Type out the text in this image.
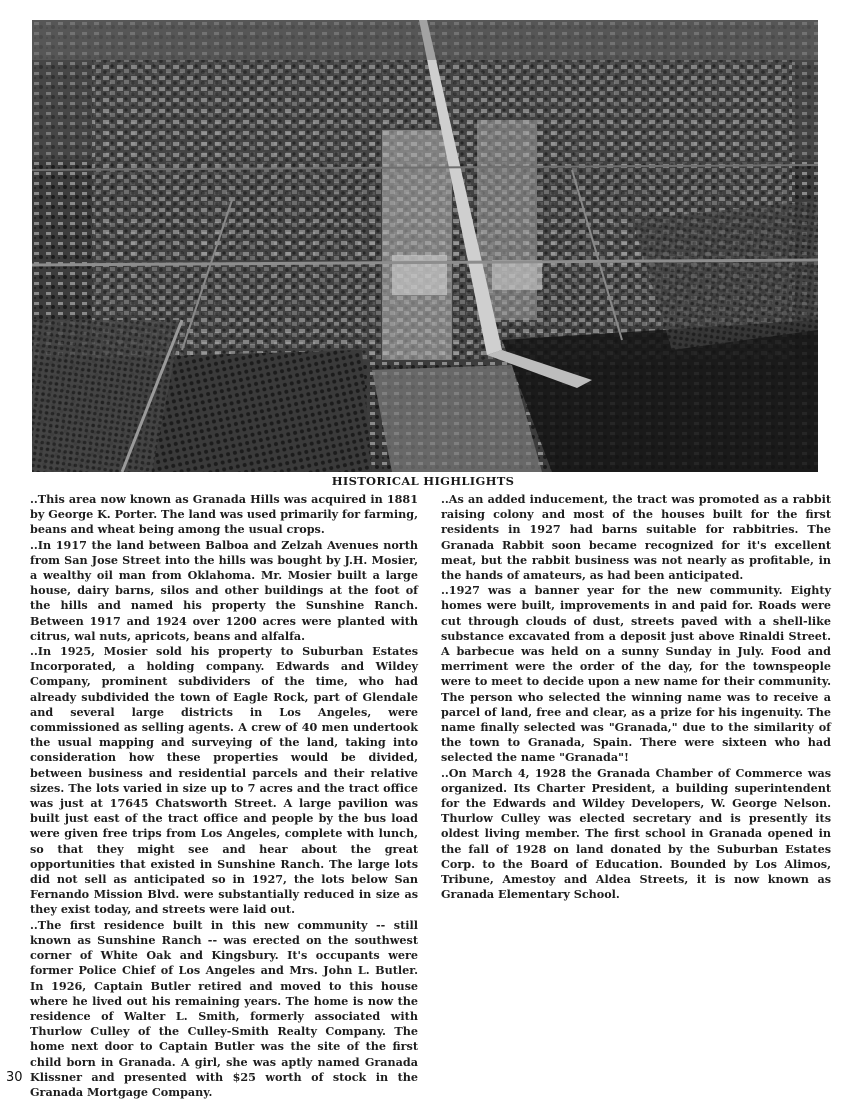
HISTORICAL HIGHLIGHTS

..This area now known as Granada Hills was acquired in 1881 by George K. Porter. The land was used primarily for farming, beans and wheat being among the usual crops.

..In 1917 the land between Balboa and Zelzah Avenues north from San Jose Street into the hills was bought by J.H. Mosier, a wealthy oil man from Oklahoma. Mr. Mosier built a large house, dairy barns, silos and other buildings at the foot of the hills and named his property the Sunshine Ranch. Between 1917 and 1924 over 1200 acres were planted with citrus, wal nuts, apricots, beans and alfalfa.

..In 1925, Mosier sold his property to Suburban Estates Incorporated, a holding company. Edwards and Wildey Company, prominent subdividers of the time, who had already subdivided the town of Eagle Rock, part of Glendale and several large districts in Los Angeles, were commissioned as selling agents. A crew of 40 men undertook the usual mapping and surveying of the land, taking into consideration how these properties would be divided, between business and residential parcels and their relative sizes. The lots varied in size up to 7 acres and the tract office was just at 17645 Chatsworth Street. A large pavilion was built just east of the tract office and people by the bus load were given free trips from Los Angeles, complete with lunch, so that they might see and hear about the great opportunities that existed in Sunshine Ranch. The large lots did not sell as anticipated so in 1927, the lots below San Fernando Mission Blvd. were substantially reduced in size as they exist today, and streets were laid out.

..The first residence built in this new community -- still known as Sunshine Ranch -- was erected on the southwest corner of White Oak and Kingsbury. It's occupants were former Police Chief of Los Angeles and Mrs. John L. Butler. In 1926, Captain Butler retired and moved to this house where he lived out his remaining years. The home is now the residence of Walter L. Smith, formerly associated with Thurlow Culley of the Culley-Smith Realty Company. The home next door to Captain Butler was the site of the first child born in Granada. A girl, she was aptly named Granada Klissner and presented with $25 worth of stock in the Granada Mortgage Company.

..As an added inducement, the tract was promoted as a rabbit raising colony and most of the houses built for the first residents in 1927 had barns suitable for rabbitries. The Granada Rabbit soon became recognized for it's excellent meat, but the rabbit business was not nearly as profitable, in the hands of amateurs, as had been anticipated.

..1927 was a banner year for the new community. Eighty homes were built, improvements in and paid for. Roads were cut through clouds of dust, streets paved with a shell-like substance excavated from a deposit just above Rinaldi Street. A barbecue was held on a sunny Sunday in July. Food and merriment were the order of the day, for the townspeople were to meet to decide upon a new name for their community. The person who selected the winning name was to receive a parcel of land, free and clear, as a prize for his ingenuity. The name finally selected was "Granada," due to the similarity of the town to Granada, Spain. There were sixteen who had selected the name "Granada"!

..On March 4, 1928 the Granada Chamber of Commerce was organized. Its Charter President, a building superintendent for the Edwards and Wildey Developers, W. George Nelson. Thurlow Culley was elected secretary and is presently its oldest living member. The first school in Granada opened in the fall of 1928 on land donated by the Suburban Estates Corp. to the Board of Education. Bounded by Los Alimos, Tribune, Amestoy and Aldea Streets, it is now known as Granada Elementary School.

30
